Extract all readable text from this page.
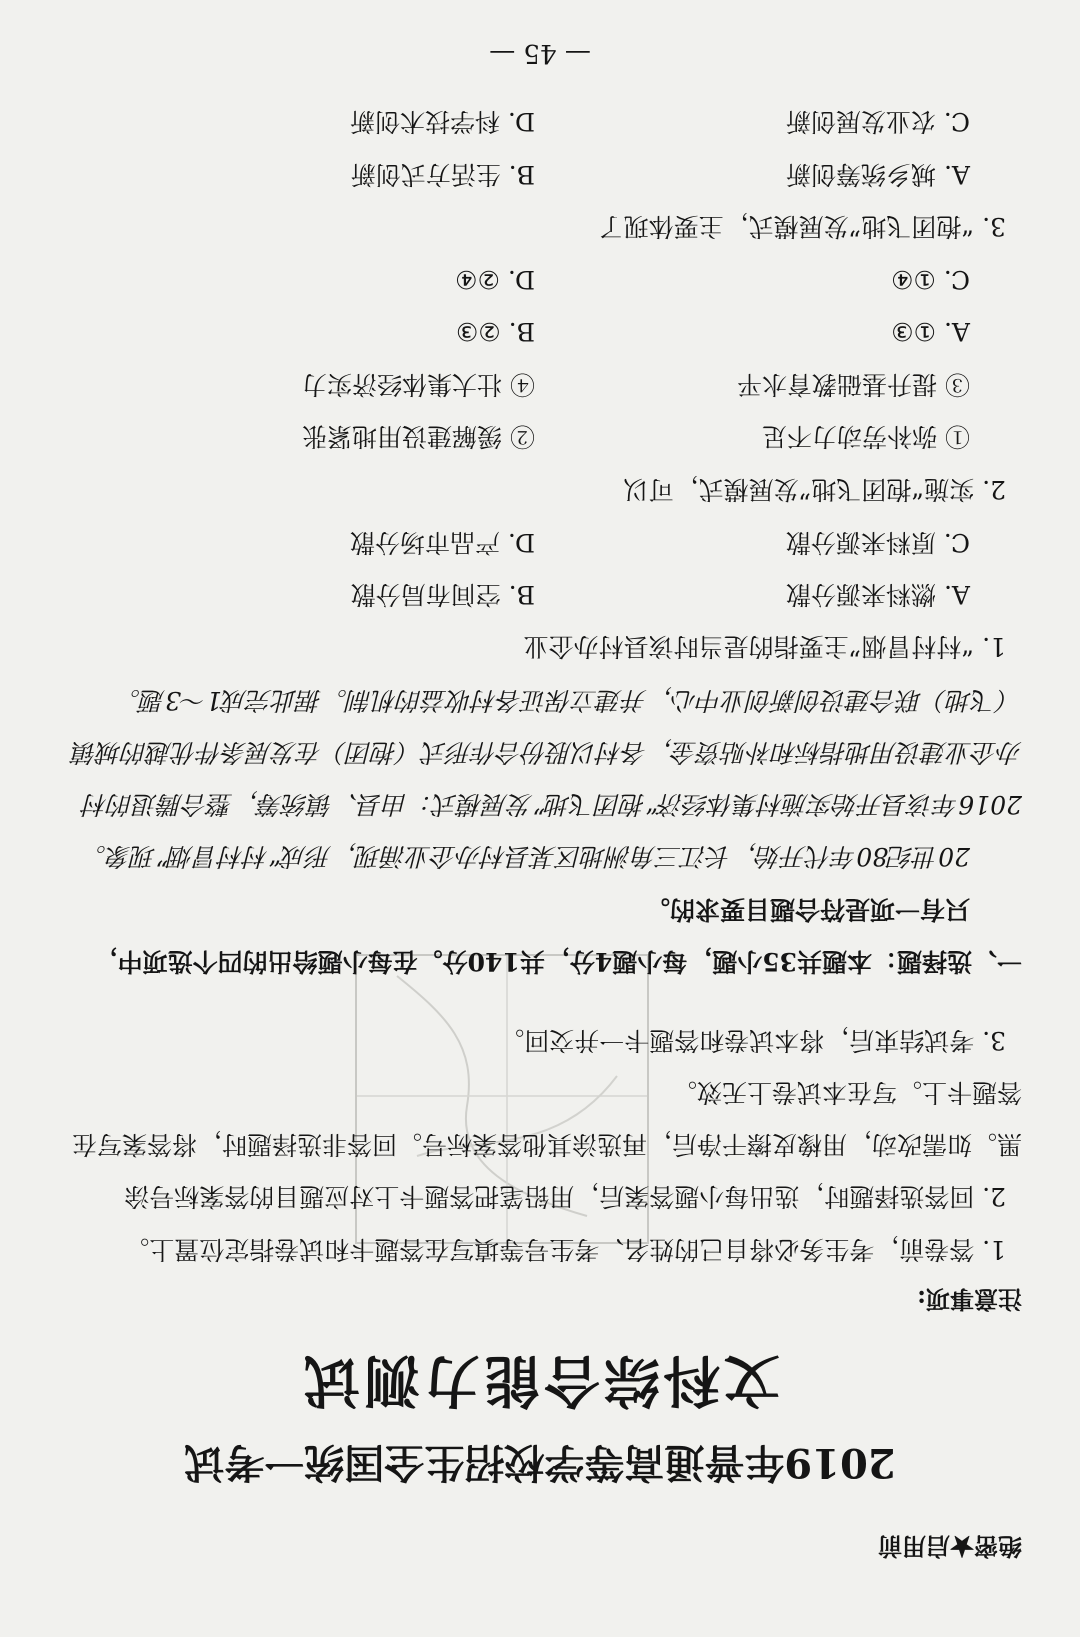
绝密★启用前
2019年普通高等学校招生全国统一考试
文科综合能力测试
注意事项:
1. 答卷前，考生务必将自己的姓名、考生号等填写在答题卡和试卷指定位置上。
2. 回答选择题时，选出每小题答案后，用铅笔把答题卡上对应题目的答案标号涂
黑。如需改动，用橡皮擦干净后，再选涂其他答案标号。回答非选择题时，将答案写在
答题卡上。写在本试卷上无效。
3. 考试结束后，将本试卷和答题卡一并交回。
一、选择题：本题共35小题，每小题4分，共140分。在每小题给出的四个选项中，
只有一项是符合题目要求的。
20世纪80年代开始，长江三角洲地区某县村办企业涌现，形成“村村冒烟”现象。
2016年该县开始实施村集体经济“抱团飞地”发展模式：由县、镇统筹，整合腾退的村
办企业建设用地指标和补贴资金，各村以股份合作形式（抱团）在发展条件优越的城镇
（飞地）联合建设创新创业中心，并建立保证各村收益的机制。据此完成1～3题。
1. “村村冒烟”主要指的是当时该县村办企业
A. 燃料来源分散
B. 空间布局分散
C. 原料来源分散
D. 产品市场分散
2. 实施“抱团飞地”发展模式，可以
① 弥补劳动力不足
② 缓解建设用地紧张
③ 提升基础教育水平
④ 壮大集体经济实力
A. ①③
B. ②③
C. ①④
D. ②④
3. “抱团飞地”发展模式，主要体现了
A. 城乡统筹创新
B. 生活方式创新
C. 农业发展创新
D. 科学技术创新
— 45 —
